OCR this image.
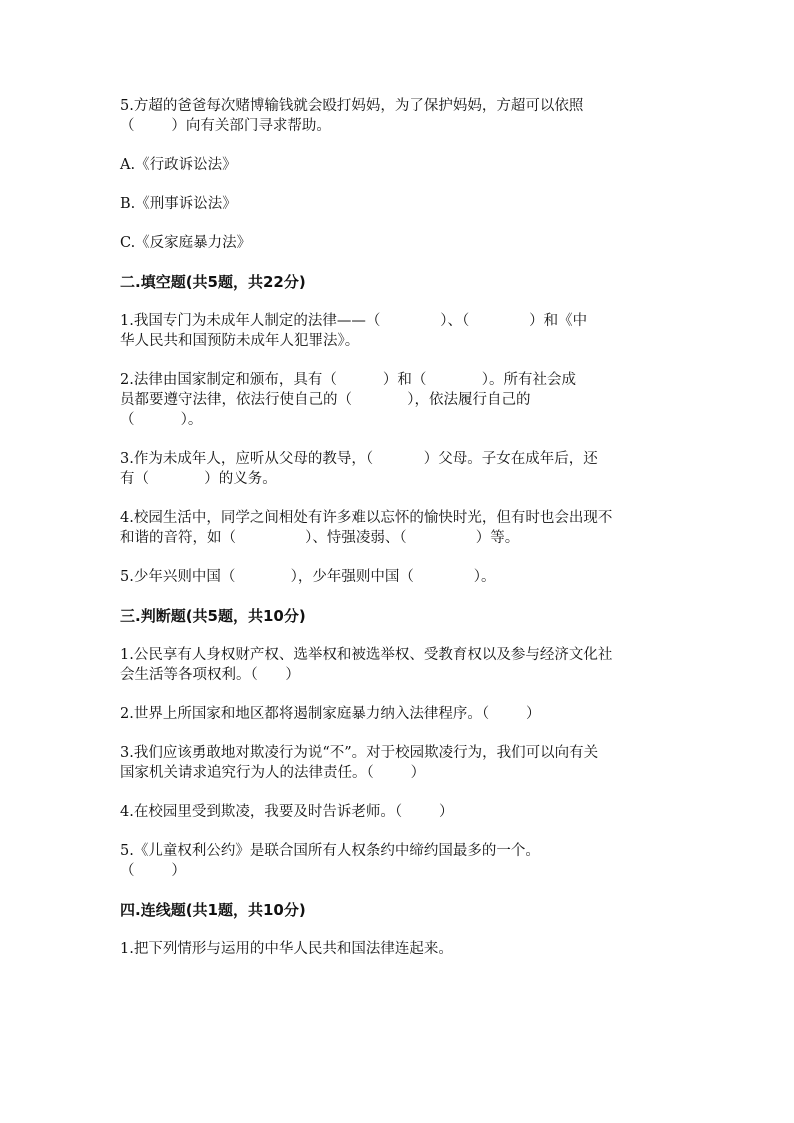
5.方超的爸爸每次赌博输钱就会殴打妈妈，为了保护妈妈，方超可以依照

（        ）向有关部门寻求帮助。

A.《行政诉讼法》

B.《刑事诉讼法》

C.《反家庭暴力法》

二.填空题(共5题，共22分)

1.我国专门为未成年人制定的法律——（             ）、（             ）和《中

华人民共和国预防未成年人犯罪法》。

2.法律由国家制定和颁布，具有（          ）和（            ）。所有社会成

员都要遵守法律，依法行使自己的（            ），依法履行自己的

（          ）。

3.作为未成年人，应听从父母的教导，（           ）父母。子女在成年后，还

有（            ）的义务。

4.校园生活中，同学之间相处有许多难以忘怀的愉快时光，但有时也会出现不

和谐的音符，如（               ）、恃强凌弱、（               ）等。

5.少年兴则中国（            ），少年强则中国（             ）。

三.判断题(共5题，共10分)

1.公民享有人身权财产权、选举权和被选举权、受教育权以及参与经济文化社

会生活等各项权利。（      ）

2.世界上所国家和地区都将遏制家庭暴力纳入法律程序。（        ）

3.我们应该勇敢地对欺凌行为说“不”。对于校园欺凌行为，我们可以向有关

国家机关请求追究行为人的法律责任。（        ）

4.在校园里受到欺凌，我要及时告诉老师。（        ）

5.《儿童权利公约》是联合国所有人权条约中缔约国最多的一个。

（        ）

四.连线题(共1题，共10分)

1.把下列情形与运用的中华人民共和国法律连起来。
